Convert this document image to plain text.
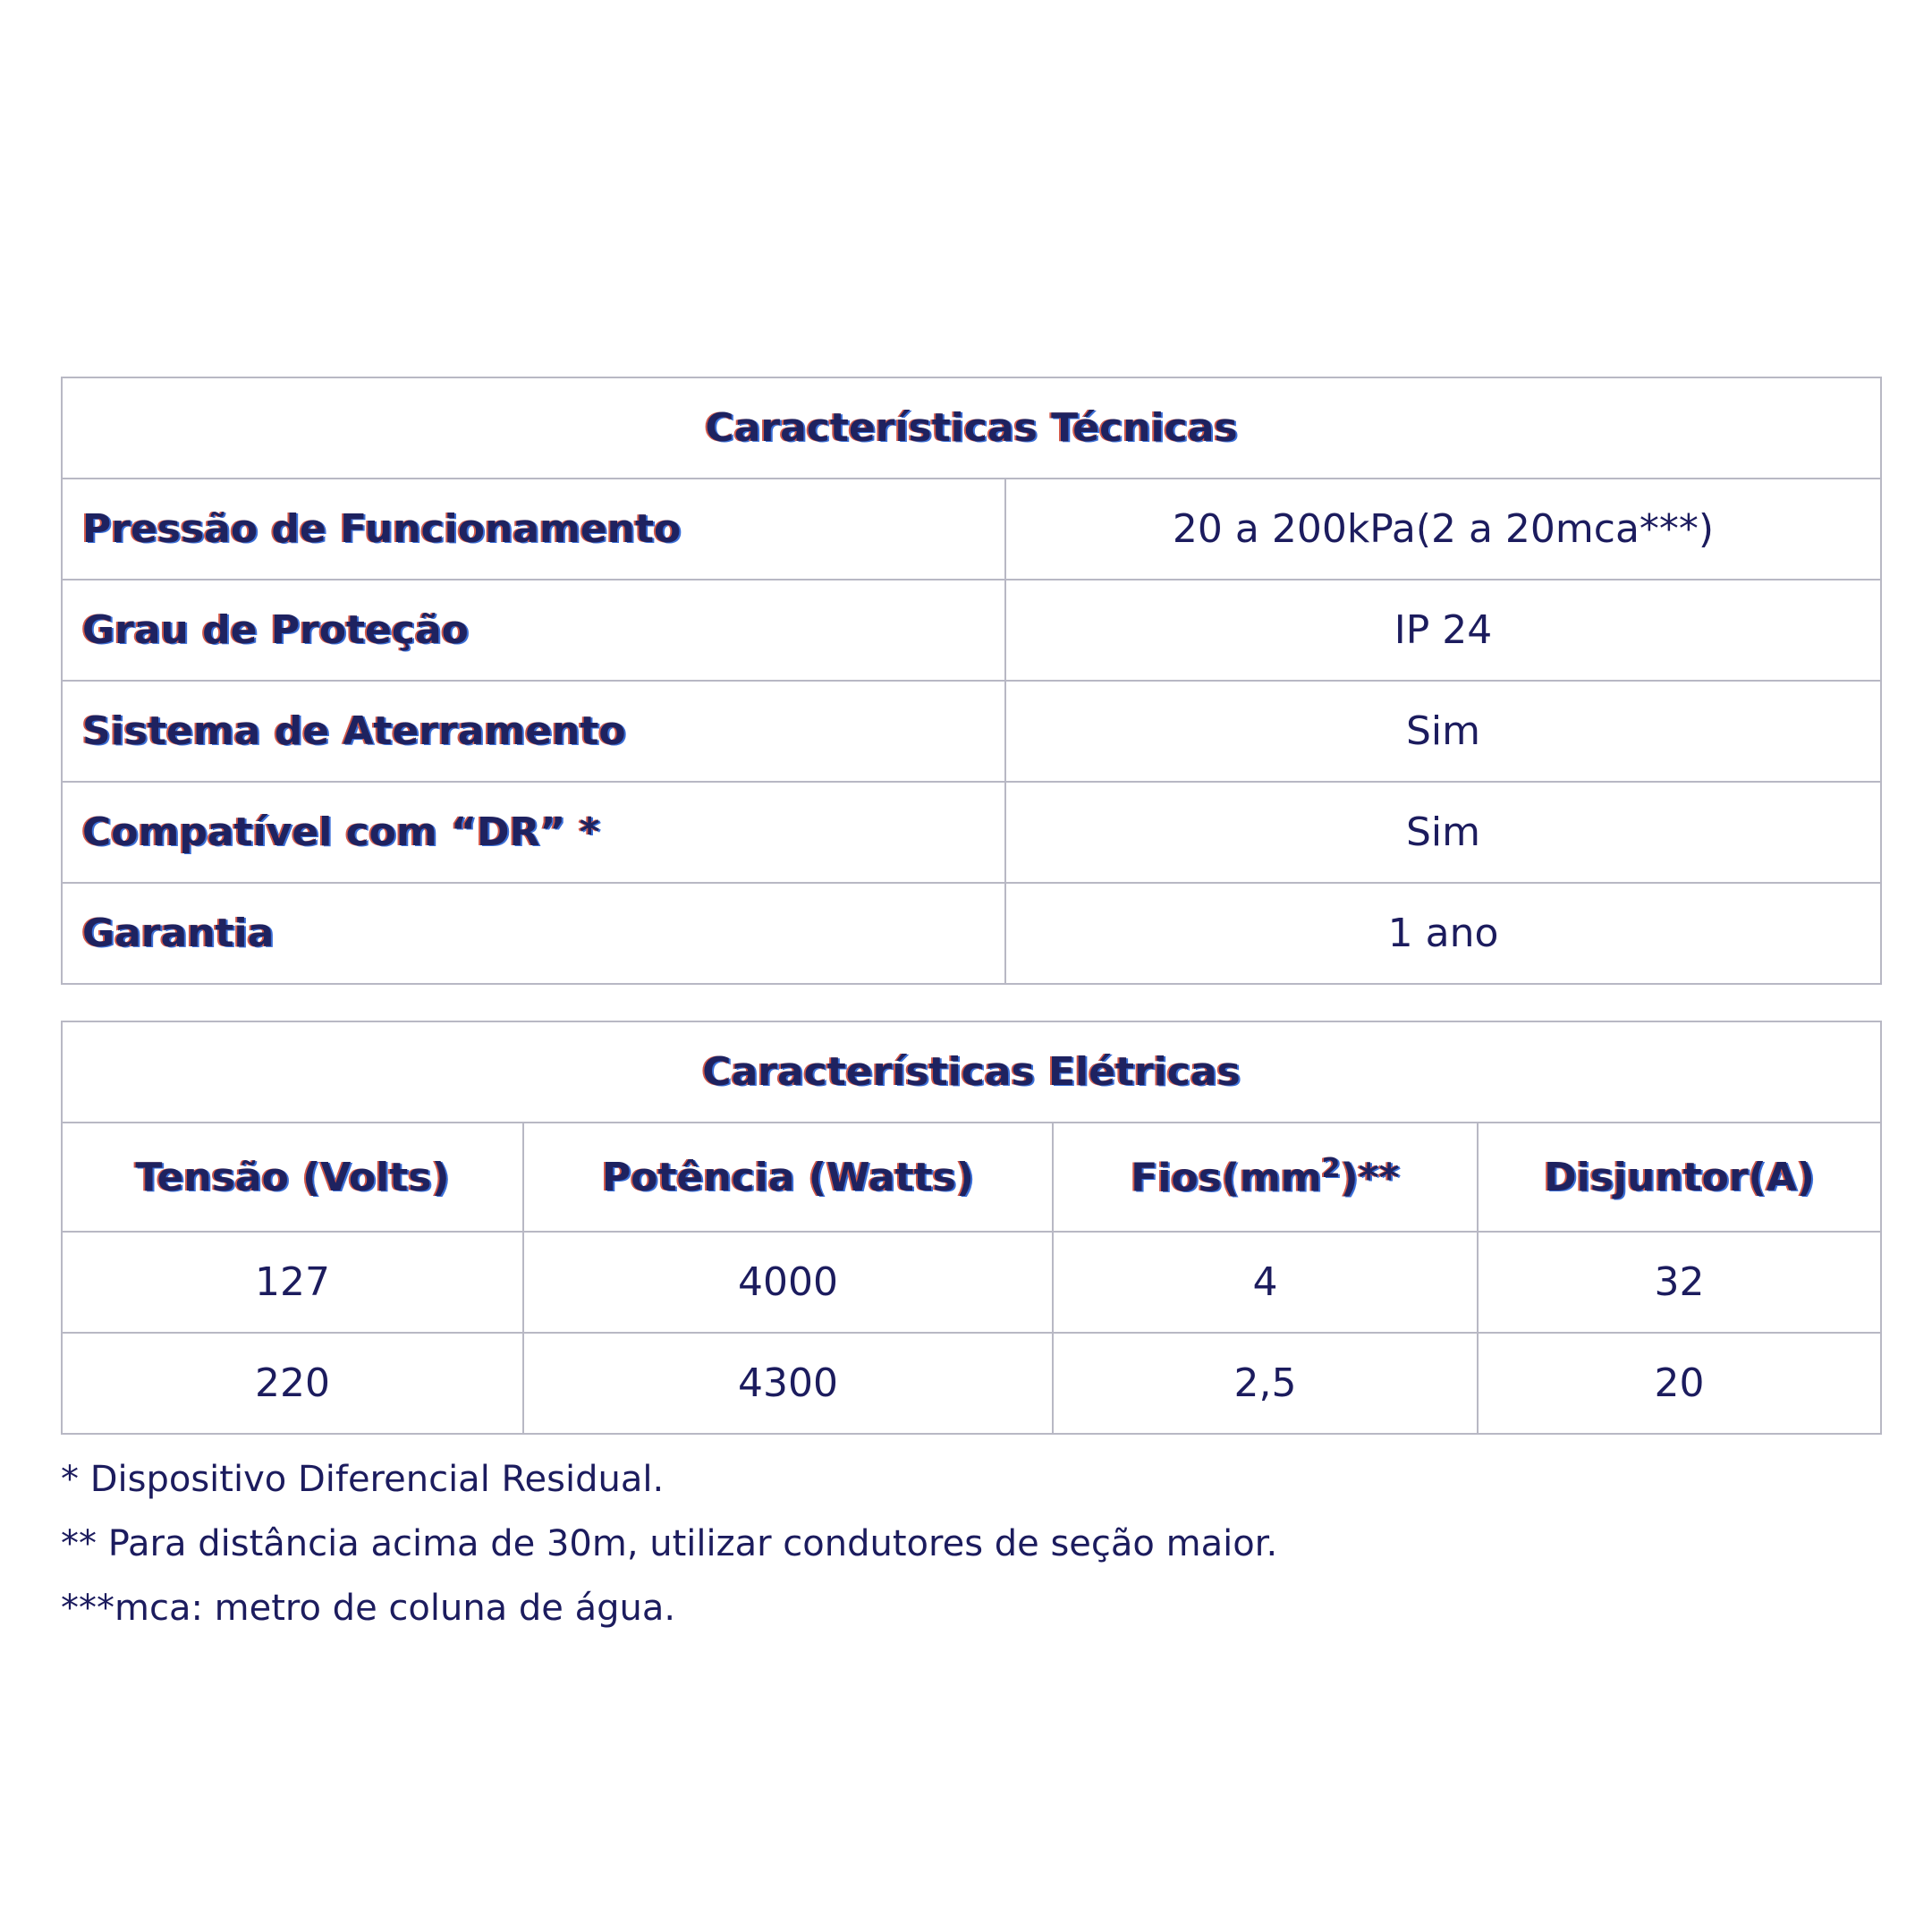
Características Técnicas	
Pressão de Funcionamento	20 a 200kPa(2 a 20mca***)
Grau de Proteção	IP 24
Sistema de Aterramento	Sim
Compatível com “DR” *	Sim
Garantia	1 ano
Características Elétricas			
Tensão (Volts)	Potência (Watts)	$Fios(mm^2)**$	Disjuntor(A)
127	4000	4	32
220	4300	2,5	20
* Dispositivo Diferencial Residual.
** Para distância acima de 30m, utilizar condutores de seção maior.
***mca: metro de coluna de água.
